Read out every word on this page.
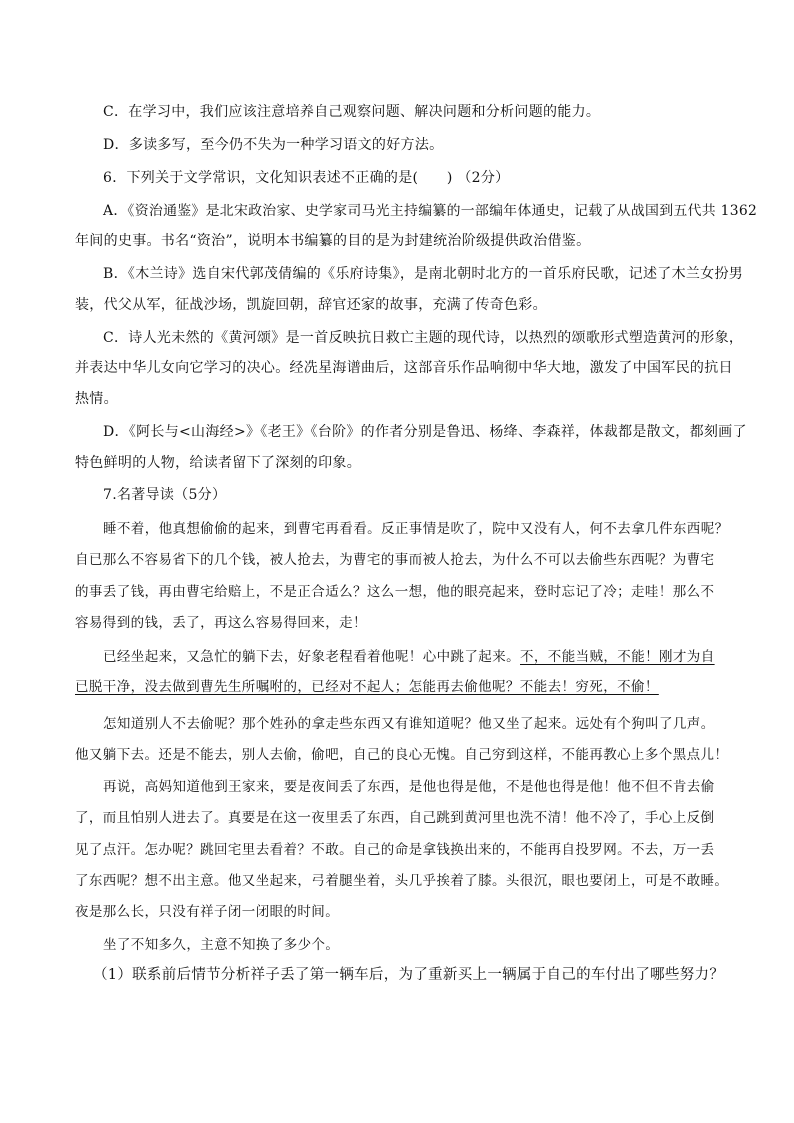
C．在学习中，我们应该注意培养自己观察问题、解决问题和分析问题的能力。
D．多读多写，至今仍不失为一种学习语文的好方法。
6．下列关于文学常识，文化知识表述不正确的是(　　) （2分）
A．《资治通鉴》是北宋政治家、史学家司马光主持编纂的一部编年体通史，记载了从战国到五代共 1362
年间的史事。书名“资治”，说明本书编纂的目的是为封建统治阶级提供政治借鉴。
B．《木兰诗》选自宋代郭茂倩编的《乐府诗集》，是南北朝时北方的一首乐府民歌，记述了木兰女扮男
装，代父从军，征战沙场，凯旋回朝，辞官还家的故事，充满了传奇色彩。
C．诗人光未然的《黄河颂》是一首反映抗日救亡主题的现代诗，以热烈的颂歌形式塑造黄河的形象，
并表达中华儿女向它学习的决心。经冼星海谱曲后，这部音乐作品响彻中华大地，激发了中国军民的抗日
热情。
D．《阿长与<山海经>》《老王》《台阶》的作者分别是鲁迅、杨绛、李森祥，体裁都是散文，都刻画了
特色鲜明的人物，给读者留下了深刻的印象。
7.名著导读（5分）
睡不着，他真想偷偷的起来，到曹宅再看看。反正事情是吹了，院中又没有人，何不去拿几件东西呢？
自已那么不容易省下的几个钱，被人抢去，为曹宅的事而被人抢去，为什么不可以去偷些东西呢？为曹宅
的事丢了钱，再由曹宅给赔上，不是正合适么？这么一想，他的眼亮起来，登时忘记了冷；走哇！那么不
容易得到的钱，丢了，再这么容易得回来，走！
已经坐起来，又急忙的躺下去，好象老程看着他呢！心中跳了起来。不，不能当贼，不能！刚才为自
已脱干净，没去做到曹先生所嘱咐的，已经对不起人；怎能再去偷他呢？不能去！穷死，不偷！
怎知道别人不去偷呢？那个姓孙的拿走些东西又有谁知道呢？他又坐了起来。远处有个狗叫了几声。
他又躺下去。还是不能去，别人去偷，偷吧，自己的良心无愧。自己穷到这样，不能再教心上多个黑点儿！
再说，高妈知道他到王家来，要是夜间丢了东西，是他也得是他，不是他也得是他！他不但不肯去偷
了，而且怕别人进去了。真要是在这一夜里丢了东西，自己跳到黄河里也洗不清！他不冷了，手心上反倒
见了点汗。怎办呢？跳回宅里去看着？不敢。自己的命是拿钱换出来的，不能再自投罗网。不去，万一丢
了东西呢？想不出主意。他又坐起来，弓着腿坐着，头几乎挨着了膝。头很沉，眼也要闭上，可是不敢睡。
夜是那么长，只没有祥子闭一闭眼的时间。
坐了不知多久，主意不知换了多少个。
（1）联系前后情节分析祥子丢了第一辆车后，为了重新买上一辆属于自己的车付出了哪些努力？
